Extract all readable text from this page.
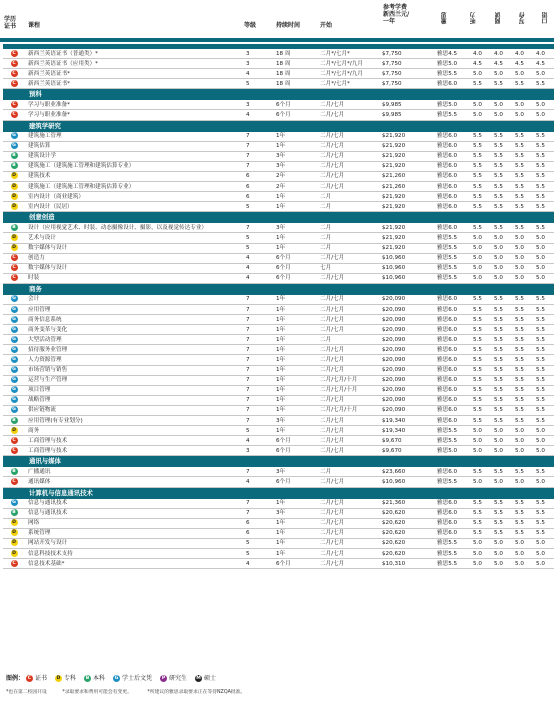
学历
证书	课程	等级	持续时间	开始
参考学费
新西兰元/
一年	雅思	听力	阅读	写作	口语

C	新西兰英语证书（普通类）*	3	18 周	二月*/七月*	$7,750	雅思4.5	4.0	4.0	4.0	4.0
C	新西兰英语证书（应用类）*	3	18 周	二月*/七月*/九月	$7,750	雅思5.0	4.5	4.5	4.5	4.5
C	新西兰英语证书*	4	18 周	二月*/七月*/九月	$7,750	雅思5.5	5.0	5.0	5.0	5.0
C	新西兰英语证书*	5	18 周	二月*/七月*	$7,750	雅思6.0	5.5	5.5	5.5	5.5
预科										
C	学习与职业准备*	3	6个月	二月/七月	$9,985	雅思5.0	5.0	5.0	5.0	5.0
C	学习与职业准备*	4	6个月	二月/七月	$9,985	雅思5.5	5.0	5.0	5.0	5.0
建筑学研究										
G	建筑施工管理	7	1年	二月/七月	$21,920	雅思6.0	5.5	5.5	5.5	5.5
G	建筑估算	7	1年	二月/七月	$21,920	雅思6.0	5.5	5.5	5.5	5.5
B	建筑设计学	7	3年	二月/七月	$21,920	雅思6.0	5.5	5.5	5.5	5.5
B	建筑施工（建筑施工管理和建筑估算专业）	7	3年	二月/七月	$21,920	雅思6.0	5.5	5.5	5.5	5.5
D	建筑技术	6	2年	二月/七月	$21,260	雅思6.0	5.5	5.5	5.5	5.5
D	建筑施工（建筑施工管理和建筑估算专业）	6	2年	二月/七月	$21,260	雅思6.0	5.5	5.5	5.5	5.5
D	室内设计（商业建筑）	6	1年	二月	$21,920	雅思6.0	5.5	5.5	5.5	5.5
D	室内设计（民居）	5	1年	二月	$21,920	雅思6.0	5.5	5.5	5.5	5.5
创意创造										
B	设计（应用视觉艺术、时装、动态摄像设计、摄影，以及视觉传达专业）	7	3年	二月	$21,920	雅思6.0	5.5	5.5	5.5	5.5
D	艺术与设计	5	1年	二月	$21,920	雅思5.5	5.0	5.0	5.0	5.0
D	数字媒体与设计	5	1年	二月	$21,920	雅思5.5	5.0	5.0	5.0	5.0
C	创造力	4	6个月	二月/七月	$10,960	雅思5.5	5.0	5.0	5.0	5.0
C	数字媒体与设计	4	6个月	七月	$10,960	雅思5.5	5.0	5.0	5.0	5.0
C	时装	4	6个月	二月/七月	$10,960	雅思5.5	5.0	5.0	5.0	5.0
商务										
G	会计	7	1年	二月/七月	$20,090	雅思6.0	5.5	5.5	5.5	5.5
G	应用管理	7	1年	二月/七月	$20,090	雅思6.0	5.5	5.5	5.5	5.5
G	商务信息系统	7	1年	二月/七月	$20,090	雅思6.0	5.5	5.5	5.5	5.5
G	商务变革与变化	7	1年	二月/七月	$20,090	雅思6.0	5.5	5.5	5.5	5.5
G	大型活动管理	7	1年	二月	$20,090	雅思6.0	5.5	5.5	5.5	5.5
G	招待服务业管理	7	1年	二月/七月	$20,090	雅思6.0	5.5	5.5	5.5	5.5
G	人力资源管理	7	1年	二月/七月	$20,090	雅思6.0	5.5	5.5	5.5	5.5
G	市场营销与销售	7	1年	二月/七月	$20,090	雅思6.0	5.5	5.5	5.5	5.5
G	运营与生产管理	7	1年	二月/七月/十月	$20,090	雅思6.0	5.5	5.5	5.5	5.5
G	项目管理	7	1年	二月/七月/十月	$20,090	雅思6.0	5.5	5.5	5.5	5.5
G	战略管理	7	1年	二月/七月	$20,090	雅思6.0	5.5	5.5	5.5	5.5
G	供应链物流	7	1年	二月/七月/十月	$20,090	雅思6.0	5.5	5.5	5.5	5.5
B	应用管理(有专业划分)	7	3年	二月/七月	$19,340	雅思6.0	5.5	5.5	5.5	5.5
D	商务	5	1年	二月/七月	$19,340	雅思5.5	5.0	5.0	5.0	5.0
C	工商管理与技术	4	6个月	二月/七月	$9,670	雅思5.5	5.0	5.0	5.0	5.0
C	工商管理与技术	3	6个月	二月/七月	$9,670	雅思5.0	5.0	5.0	5.0	5.0
通讯与媒体										
B	广播通讯	7	3年	二月	$23,660	雅思6.0	5.5	5.5	5.5	5.5
C	通讯媒体	4	6个月	二月/七月	$10,960	雅思5.5	5.0	5.0	5.0	5.0
计算机与信息通讯技术										
G	信息与通讯技术	7	1年	二月/七月	$21,360	雅思6.0	5.5	5.5	5.5	5.5
B	信息与通讯技术	7	3年	二月/七月	$20,620	雅思6.0	5.5	5.5	5.5	5.5
D	网络	6	1年	二月/七月	$20,620	雅思6.0	5.5	5.5	5.5	5.5
D	系统管理	6	1年	二月/七月	$20,620	雅思6.0	5.5	5.5	5.5	5.5
D	网站开发与设计	5	1年	二月/七月	$20,620	雅思5.5	5.0	5.0	5.0	5.0
D	信息科技技术支持	5	1年	二月/七月	$20,620	雅思5.5	5.0	5.0	5.0	5.0
C	信息技术基础*	4	6个月	二月/七月	$10,310	雅思5.5	5.0	5.0	5.0	5.0
图例： C 证书 D 专科 B 本科 G 学士后文凭 P 研究生 M 硕士
*也在第二校园开设	*录取要求和费用可能会有变更。	*所建议的雅思录取要求正在等待NZQA批准。
